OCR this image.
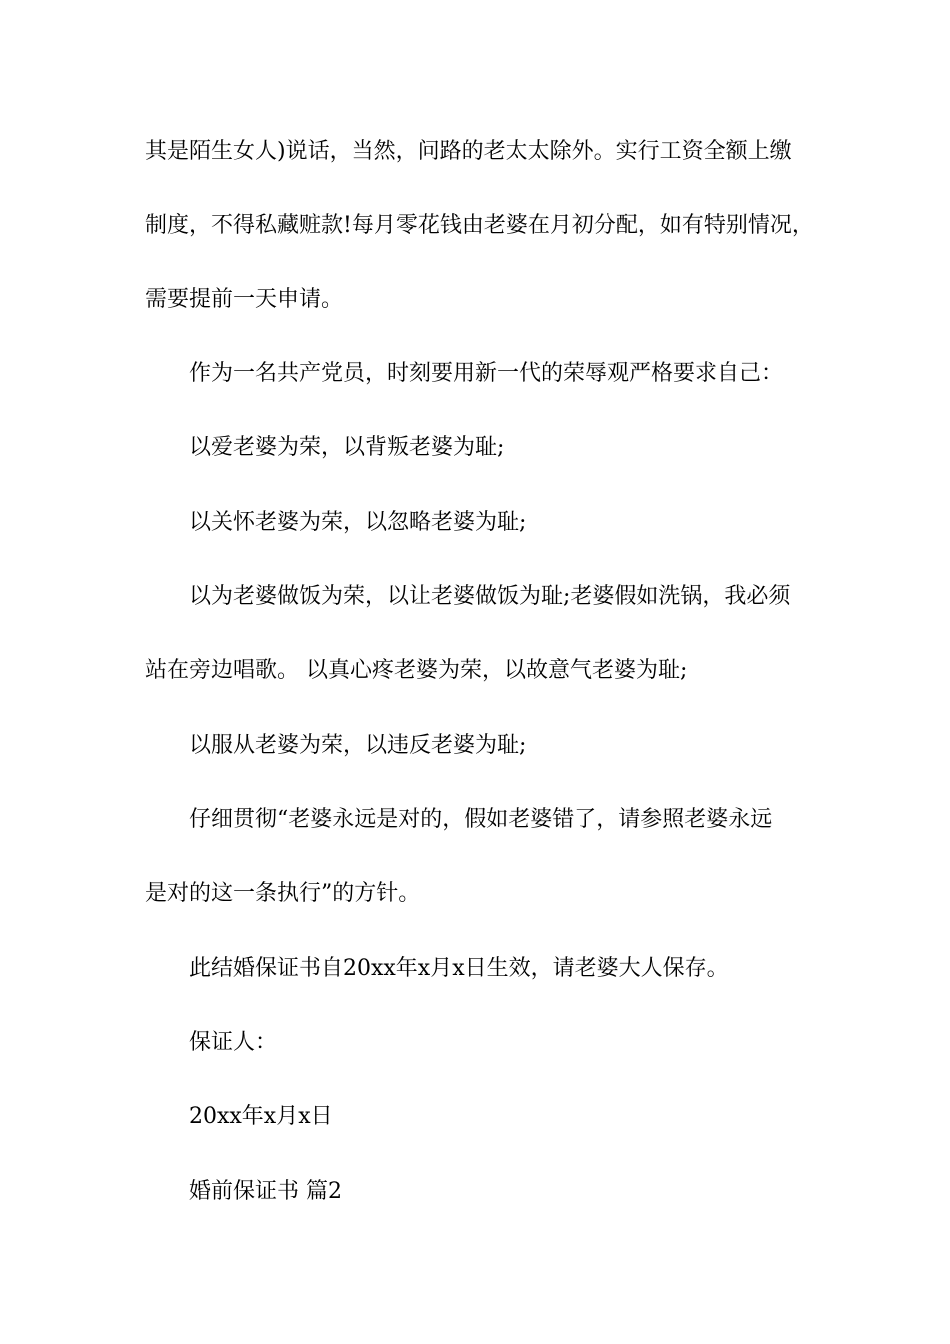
其是陌生女人)说话，当然，问路的老太太除外。实行工资全额上缴
制度，不得私藏赃款!每月零花钱由老婆在月初分配，如有特别情况，
需要提前一天申请。
作为一名共产党员，时刻要用新一代的荣辱观严格要求自己：
以爱老婆为荣，以背叛老婆为耻;
以关怀老婆为荣，以忽略老婆为耻;
以为老婆做饭为荣，以让老婆做饭为耻;老婆假如洗锅，我必须
站在旁边唱歌。 以真心疼老婆为荣，以故意气老婆为耻;
以服从老婆为荣，以违反老婆为耻;
仔细贯彻“老婆永远是对的，假如老婆错了，请参照老婆永远
是对的这一条执行”的方针。
此结婚保证书自20xx年x月x日生效，请老婆大人保存。
保证人：
20xx年x月x日
婚前保证书 篇2
